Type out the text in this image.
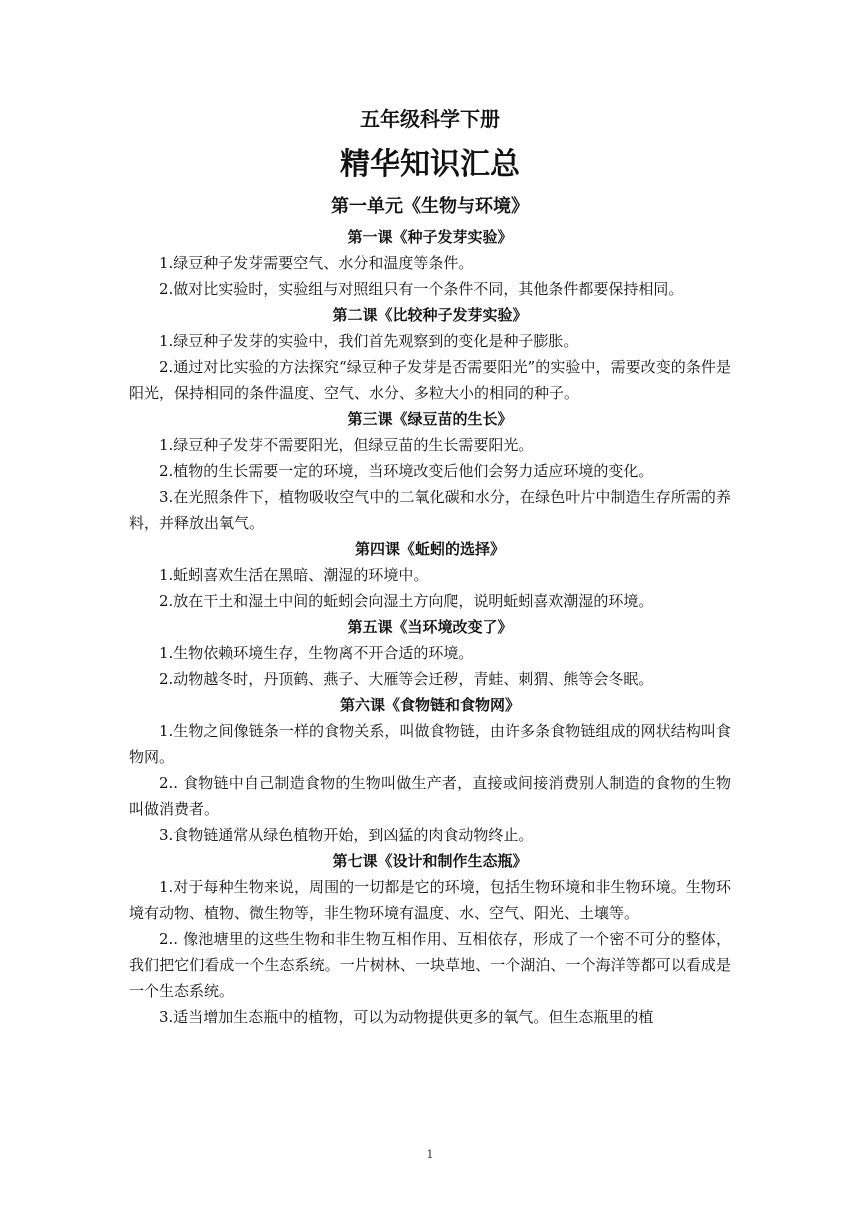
五年级科学下册
精华知识汇总
第一单元《生物与环境》
第一课《种子发芽实验》

1.绿豆种子发芽需要空气、水分和温度等条件。

2.做对比实验时，实验组与对照组只有一个条件不同，其他条件都要保持相同。

第二课《比较种子发芽实验》

1.绿豆种子发芽的实验中，我们首先观察到的变化是种子膨胀。

2.通过对比实验的方法探究“绿豆种子发芽是否需要阳光”的实验中，需要改变的条件是阳光，保持相同的条件温度、空气、水分、多粒大小的相同的种子。

第三课《绿豆苗的生长》

1.绿豆种子发芽不需要阳光，但绿豆苗的生长需要阳光。

2.植物的生长需要一定的环境，当环境改变后他们会努力适应环境的变化。

3.在光照条件下，植物吸收空气中的二氧化碳和水分，在绿色叶片中制造生存所需的养料，并释放出氧气。

第四课《蚯蚓的选择》

1.蚯蚓喜欢生活在黑暗、潮湿的环境中。

2.放在干土和湿土中间的蚯蚓会向湿土方向爬，说明蚯蚓喜欢潮湿的环境。

第五课《当环境改变了》

1.生物依赖环境生存，生物离不开合适的环境。

2.动物越冬时，丹顶鹤、燕子、大雁等会迁秽，青蛙、刺猬、熊等会冬眠。

第六课《食物链和食物网》

1.生物之间像链条一样的食物关系，叫做食物链，由许多条食物链组成的网状结构叫食物网。

2.. 食物链中自己制造食物的生物叫做生产者，直接或间接消费别人制造的食物的生物叫做消费者。

3.食物链通常从绿色植物开始，到凶猛的肉食动物终止。

第七课《设计和制作生态瓶》

1.对于每种生物来说，周围的一切都是它的环境，包括生物环境和非生物环境。生物环境有动物、植物、微生物等，非生物环境有温度、水、空气、阳光、土壤等。

2.. 像池塘里的这些生物和非生物互相作用、互相依存，形成了一个密不可分的整体，我们把它们看成一个生态系统。一片树林、一块草地、一个湖泊、一个海洋等都可以看成是一个生态系统。

3.适当增加生态瓶中的植物，可以为动物提供更多的氧气。但生态瓶里的植

1
